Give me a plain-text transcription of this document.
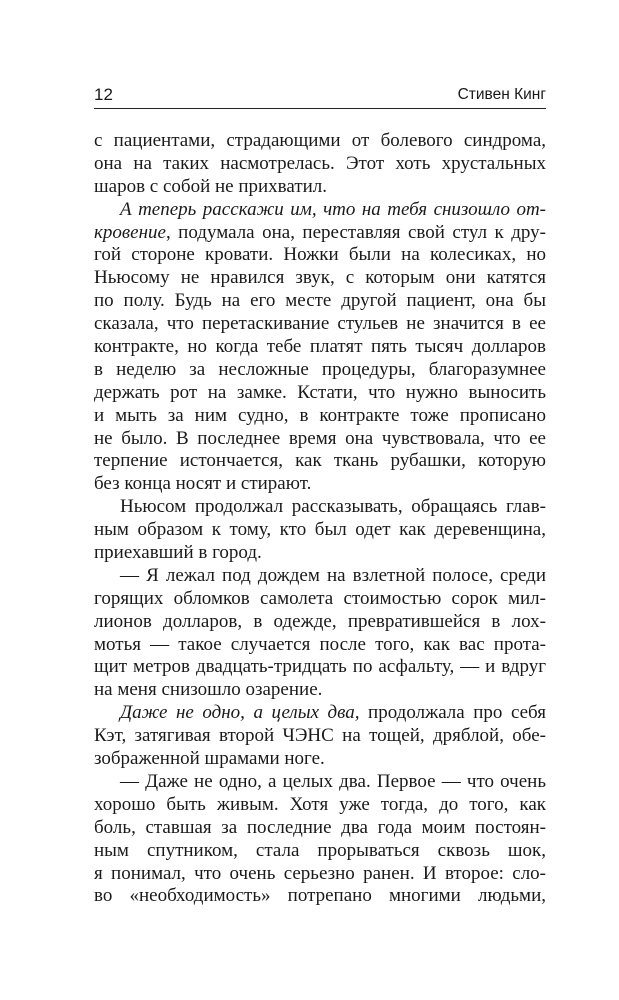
12	Стивен Кинг
с пациентами, страдающими от болевого синдрома,
она на таких насмотрелась. Этот хоть хрустальных
шаров с собой не прихватил.
А теперь расскажи им, что на тебя снизошло от-
кровение, подумала она, переставляя свой стул к дру-
гой стороне кровати. Ножки были на колесиках, но
Ньюсому не нравился звук, с которым они катятся
по полу. Будь на его месте другой пациент, она бы
сказала, что перетаскивание стульев не значится в ее
контракте, но когда тебе платят пять тысяч долларов
в неделю за несложные процедуры, благоразумнее
держать рот на замке. Кстати, что нужно выносить
и мыть за ним судно, в контракте тоже прописано
не было. В последнее время она чувствовала, что ее
терпение истончается, как ткань рубашки, которую
без конца носят и стирают.
Ньюсом продолжал рассказывать, обращаясь глав-
ным образом к тому, кто был одет как деревенщина,
приехавший в город.
— Я лежал под дождем на взлетной полосе, среди
горящих обломков самолета стоимостью сорок мил-
лионов долларов, в одежде, превратившейся в лох-
мотья — такое случается после того, как вас прота-
щит метров двадцать-тридцать по асфальту, — и вдруг
на меня снизошло озарение.
Даже не одно, а целых два, продолжала про себя
Кэт, затягивая второй ЧЭНС на тощей, дряблой, обе-
зображенной шрамами ноге.
— Даже не одно, а целых два. Первое — что очень
хорошо быть живым. Хотя уже тогда, до того, как
боль, ставшая за последние два года моим постоян-
ным спутником, стала прорываться сквозь шок,
я понимал, что очень серьезно ранен. И второе: сло-
во «необходимость» потрепано многими людьми,
